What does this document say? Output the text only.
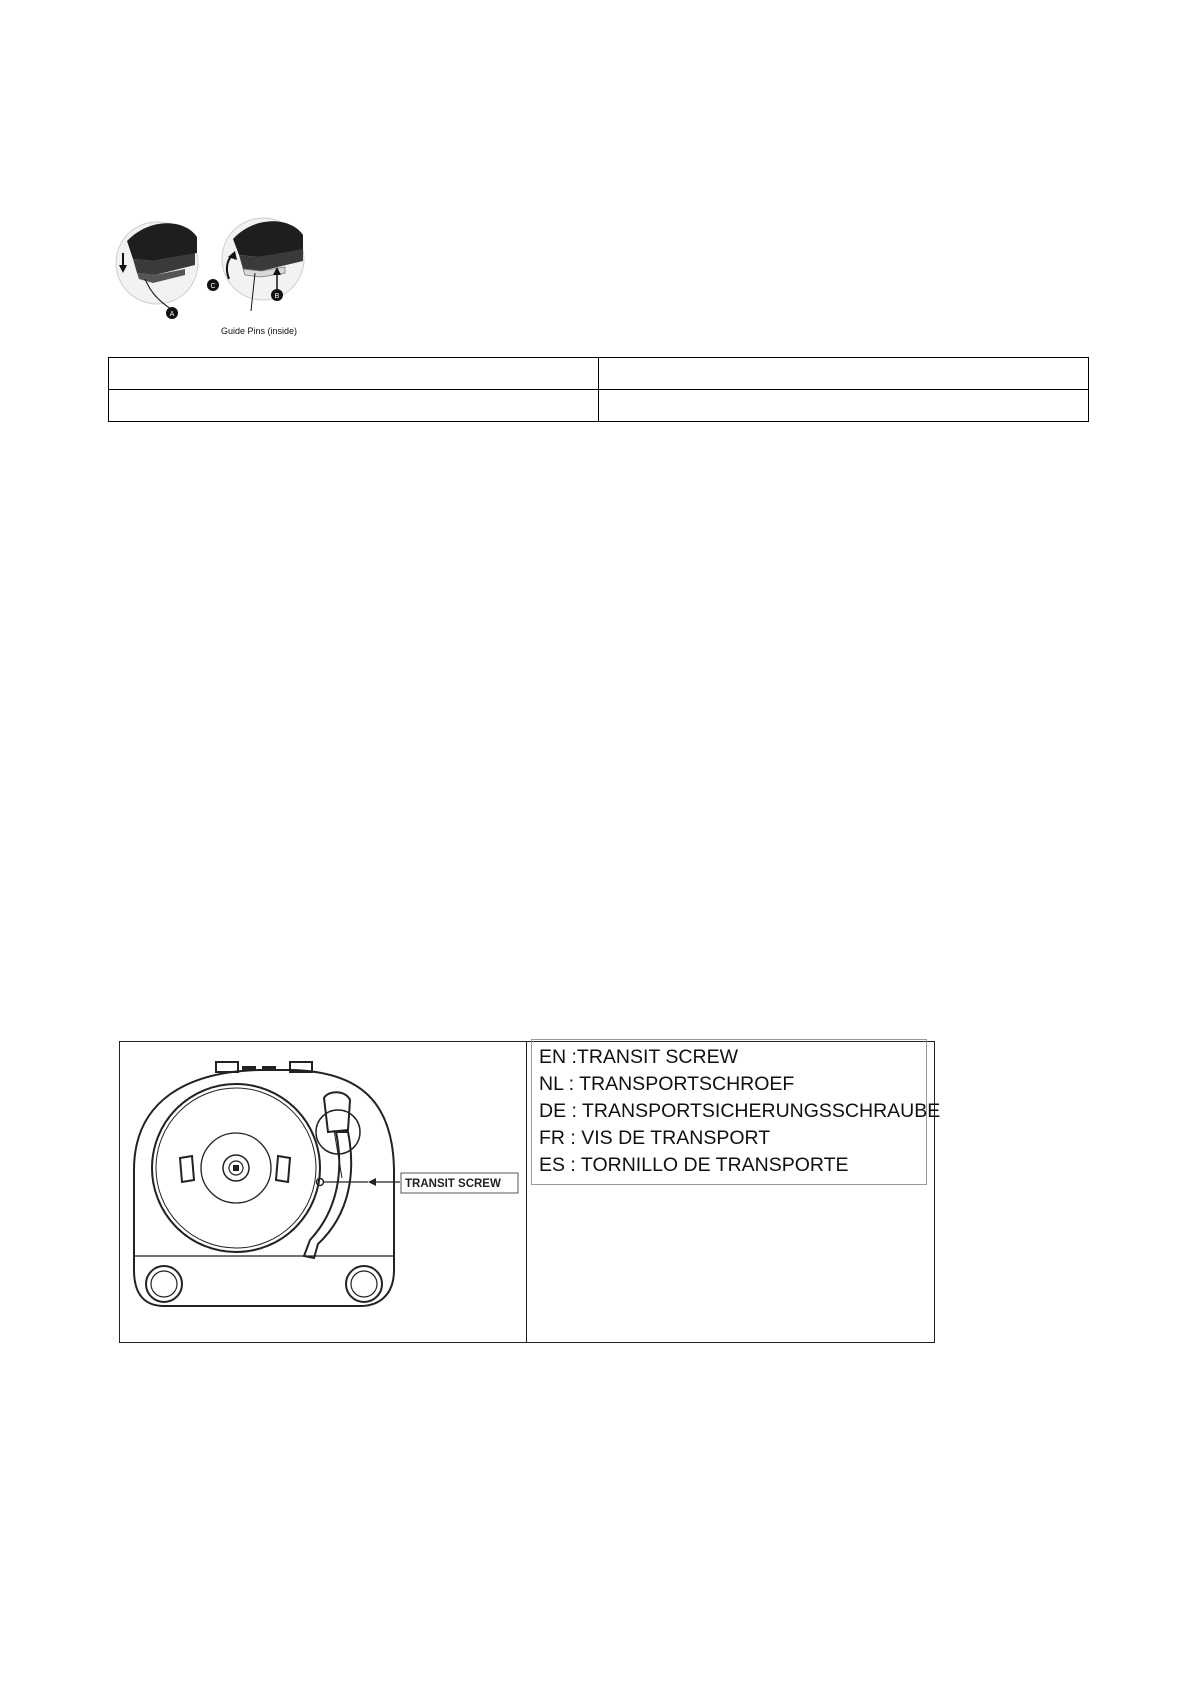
A
C
B
Guide Pins (inside)

TRANSIT SCREW
EN :TRANSIT SCREW
NL : TRANSPORTSCHROEF
DE : TRANSPORTSICHERUNGSSCHRAUBE
FR : VIS DE TRANSPORT
ES : TORNILLO DE TRANSPORTE
